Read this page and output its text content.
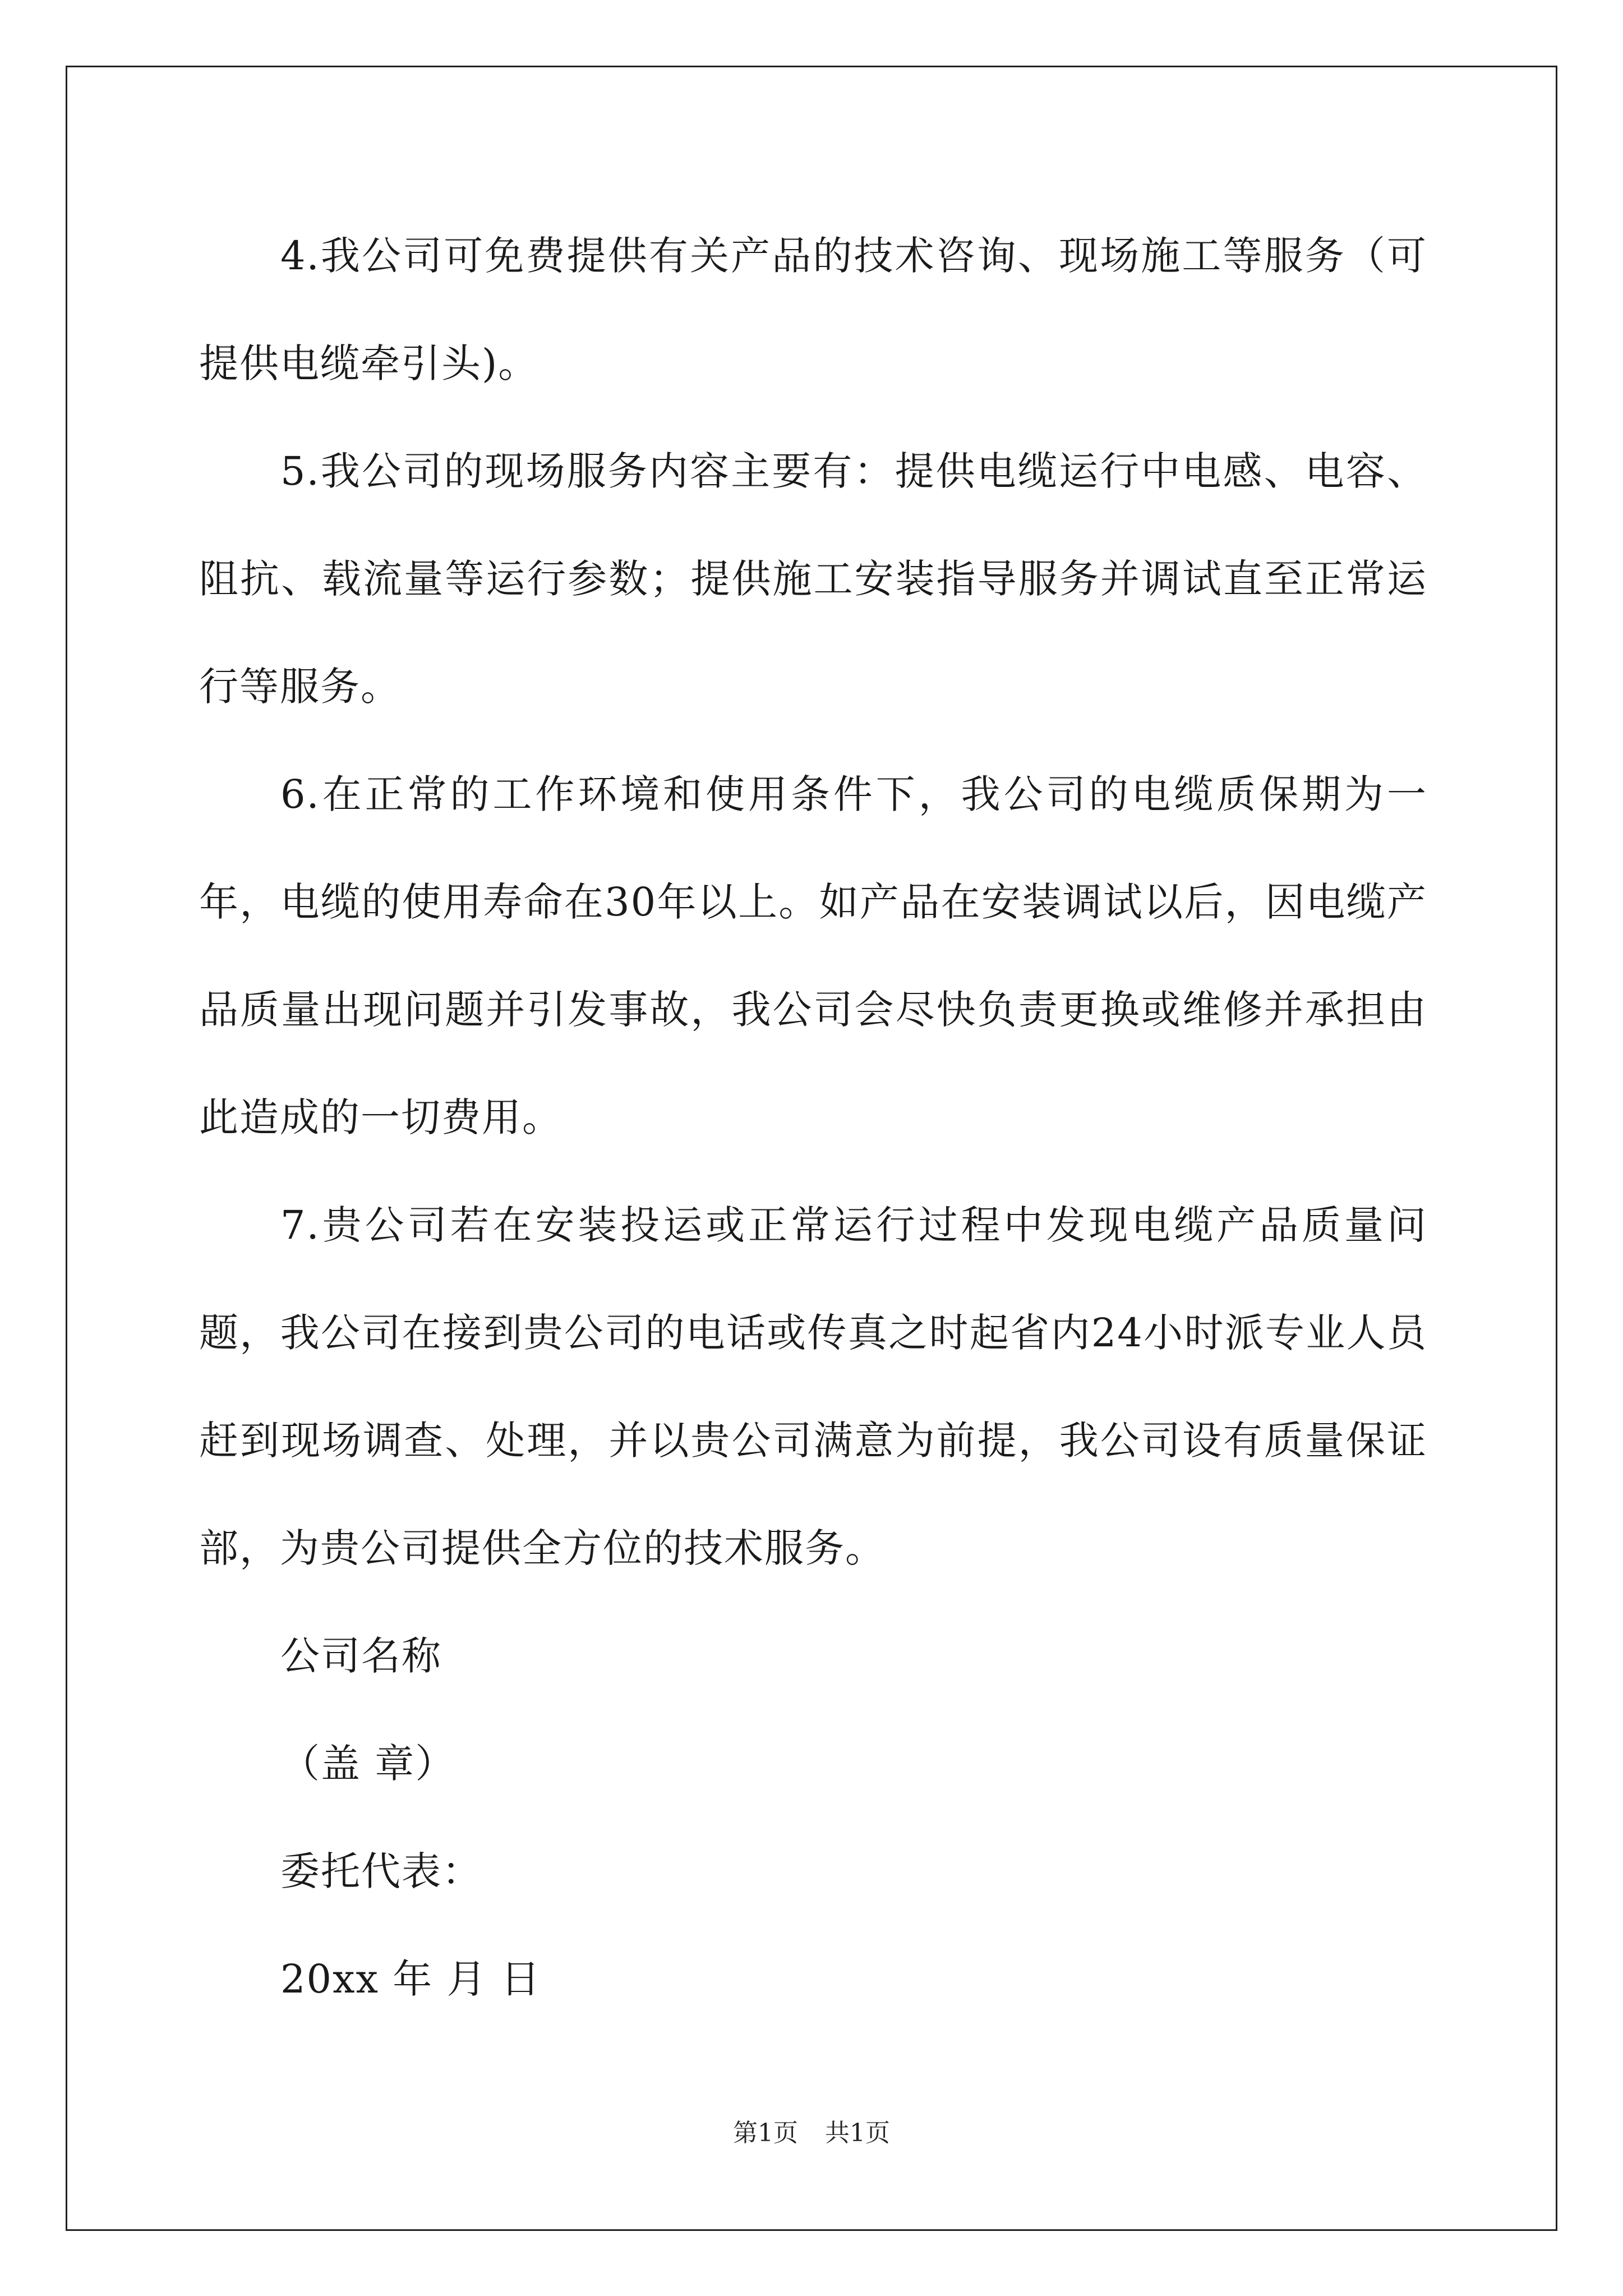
4.我公司可免费提供有关产品的技术咨询、现场施工等服务（可提供电缆牵引头)。

5.我公司的现场服务内容主要有：提供电缆运行中电感、电容、阻抗、载流量等运行参数；提供施工安装指导服务并调试直至正常运行等服务。

6.在正常的工作环境和使用条件下，我公司的电缆质保期为一年，电缆的使用寿命在30年以上。如产品在安装调试以后，因电缆产品质量出现问题并引发事故，我公司会尽快负责更换或维修并承担由此造成的一切费用。

7.贵公司若在安装投运或正常运行过程中发现电缆产品质量问题，我公司在接到贵公司的电话或传真之时起省内24小时派专业人员赶到现场调查、处理，并以贵公司满意为前提，我公司设有质量保证部，为贵公司提供全方位的技术服务。

公司名称

（盖 章）

委托代表：

20xx 年 月 日

第1页 共1页
